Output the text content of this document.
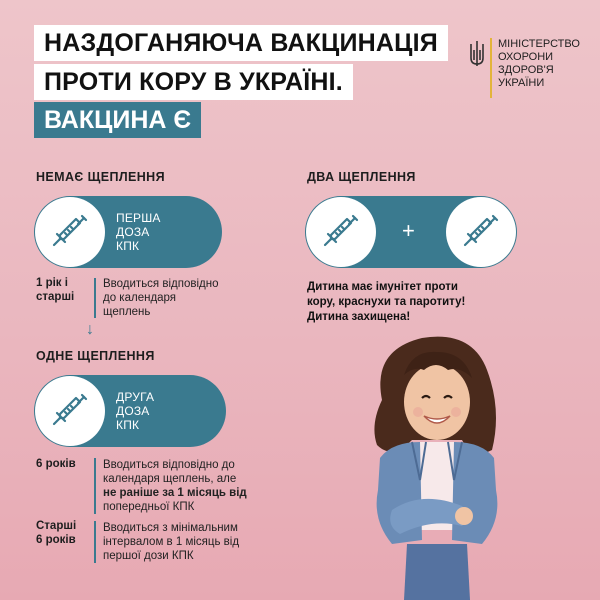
НАЗДОГАНЯЮЧА ВАКЦИНАЦІЯ
ПРОТИ КОРУ В УКРАЇНІ.
ВАКЦИНА Є
МІНІСТЕРСТВО
ОХОРОНИ
ЗДОРОВ'Я
УКРАЇНИ
НЕМАЄ ЩЕПЛЕННЯ
ПЕРША
ДОЗА
КПК
1 рік і
старші
Вводиться відповідно
до календаря
щеплень
↓
ОДНЕ ЩЕПЛЕННЯ
ДРУГА
ДОЗА
КПК
6 років Вводиться відповідно до
календаря щеплень, але
не раніше за 1 місяць від
попередньої КПК
Старші
6 років
Вводиться з мінімальним
інтервалом в 1 місяць від
першої дози КПК
ДВА ЩЕПЛЕННЯ
+
Дитина має імунітет проти
кору, краснухи та паротиту!
Дитина захищена!
